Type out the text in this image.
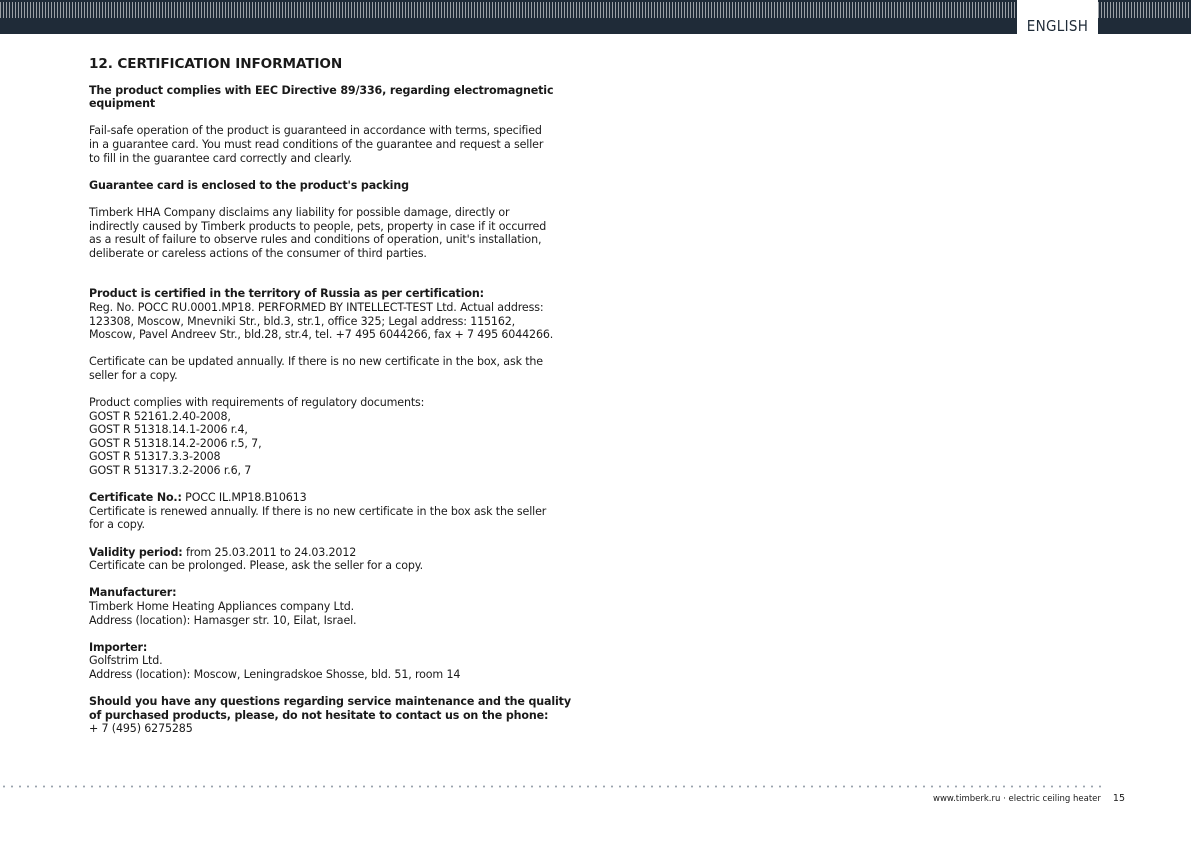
ENGLISH
12. CERTIFICATION INFORMATION

The product complies with EEC Directive 89/336, regarding electromagnetic equipment

Fail-safe operation of the product is guaranteed in accordance with terms, specified

in a guarantee card. You must read conditions of the guarantee and request a seller

to fill in the guarantee card correctly and clearly.

Guarantee card is enclosed to the product's packing

Timberk HHA Company disclaims any liability for possible damage, directly or

indirectly caused by Timberk products to people, pets, property in case if it occurred

as a result of failure to observe rules and conditions of operation, unit's installation,

deliberate or careless actions of the consumer of third parties.

Product is certified in the territory of Russia as per certification:

Reg. No. POCC RU.0001.MP18. PERFORMED BY INTELLECT-TEST Ltd. Actual address:

123308, Moscow, Mnevniki Str., bld.3, str.1, office 325; Legal address: 115162,

Moscow, Pavel Andreev Str., bld.28, str.4, tel. +7 495 6044266, fax + 7 495 6044266.

Certificate can be updated annually. If there is no new certificate in the box, ask the

seller for a copy.

Product complies with requirements of regulatory documents:

GOST R 52161.2.40-2008,

GOST R 51318.14.1-2006 r.4,

GOST R 51318.14.2-2006 r.5, 7,

GOST R 51317.3.3-2008

GOST R 51317.3.2-2006 r.6, 7

Certificate No.: POCC IL.MP18.B10613

Certificate is renewed annually. If there is no new certificate in the box ask the seller

for a copy.

Validity period: from 25.03.2011 to 24.03.2012

Certificate can be prolonged. Please, ask the seller for a copy.

Manufacturer:

Timberk Home Heating Appliances company Ltd.

Address (location): Hamasger str. 10, Eilat, Israel.

Importer:

Golfstrim Ltd.

Address (location): Moscow, Leningradskoe Shosse, bld. 51, room 14

Should you have any questions regarding service maintenance and the quality

of purchased products, please, do not hesitate to contact us on the phone:

+ 7 (495) 6275285

www.timberk.ru · electric ceiling heater 15
